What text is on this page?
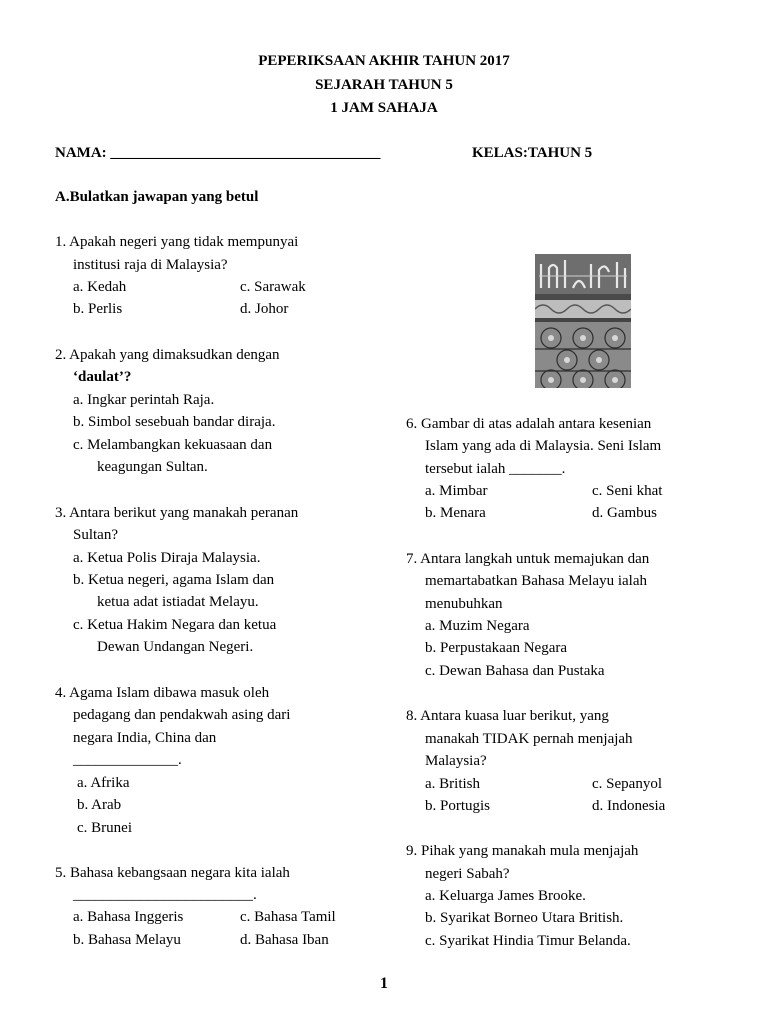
PEPERIKSAAN AKHIR TAHUN 2017
SEJARAH TAHUN 5
1 JAM SAHAJA
NAMA: ____________________________________	KELAS:TAHUN 5
A.Bulatkan jawapan yang betul
1. Apakah negeri yang tidak mempunyai
institusi raja di Malaysia?
a. Kedah	c. Sarawak
b. Perlis	d. Johor
2. Apakah yang dimaksudkan dengan
‘daulat’?
a. Ingkar perintah Raja.
b. Simbol sesebuah bandar diraja.
c. Melambangkan kekuasaan dan
keagungan Sultan.
3. Antara berikut yang manakah peranan
Sultan?
a. Ketua Polis Diraja Malaysia.
b. Ketua negeri, agama Islam dan
ketua adat istiadat Melayu.
c. Ketua Hakim Negara dan ketua
Dewan Undangan Negeri.
4. Agama Islam dibawa masuk oleh
pedagang dan pendakwah asing dari
negara India, China dan
______________.
a. Afrika
b. Arab
c. Brunei
5. Bahasa kebangsaan negara kita ialah
________________________.
a. Bahasa Inggeris	c. Bahasa Tamil
b. Bahasa Melayu	d. Bahasa Iban
6. Gambar di atas adalah antara kesenian
Islam yang ada di Malaysia. Seni Islam
tersebut ialah _______.
a. Mimbar	c. Seni khat
b. Menara	d. Gambus
7. Antara langkah untuk memajukan dan
memartabatkan Bahasa Melayu ialah
menubuhkan
a. Muzim Negara
b. Perpustakaan Negara
c. Dewan Bahasa dan Pustaka
8. Antara kuasa luar berikut, yang
manakah TIDAK pernah menjajah
Malaysia?
a. British	c. Sepanyol
b. Portugis	d. Indonesia
9. Pihak yang manakah mula menjajah
negeri Sabah?
a. Keluarga James Brooke.
b. Syarikat Borneo Utara British.
c. Syarikat Hindia Timur Belanda.
1
